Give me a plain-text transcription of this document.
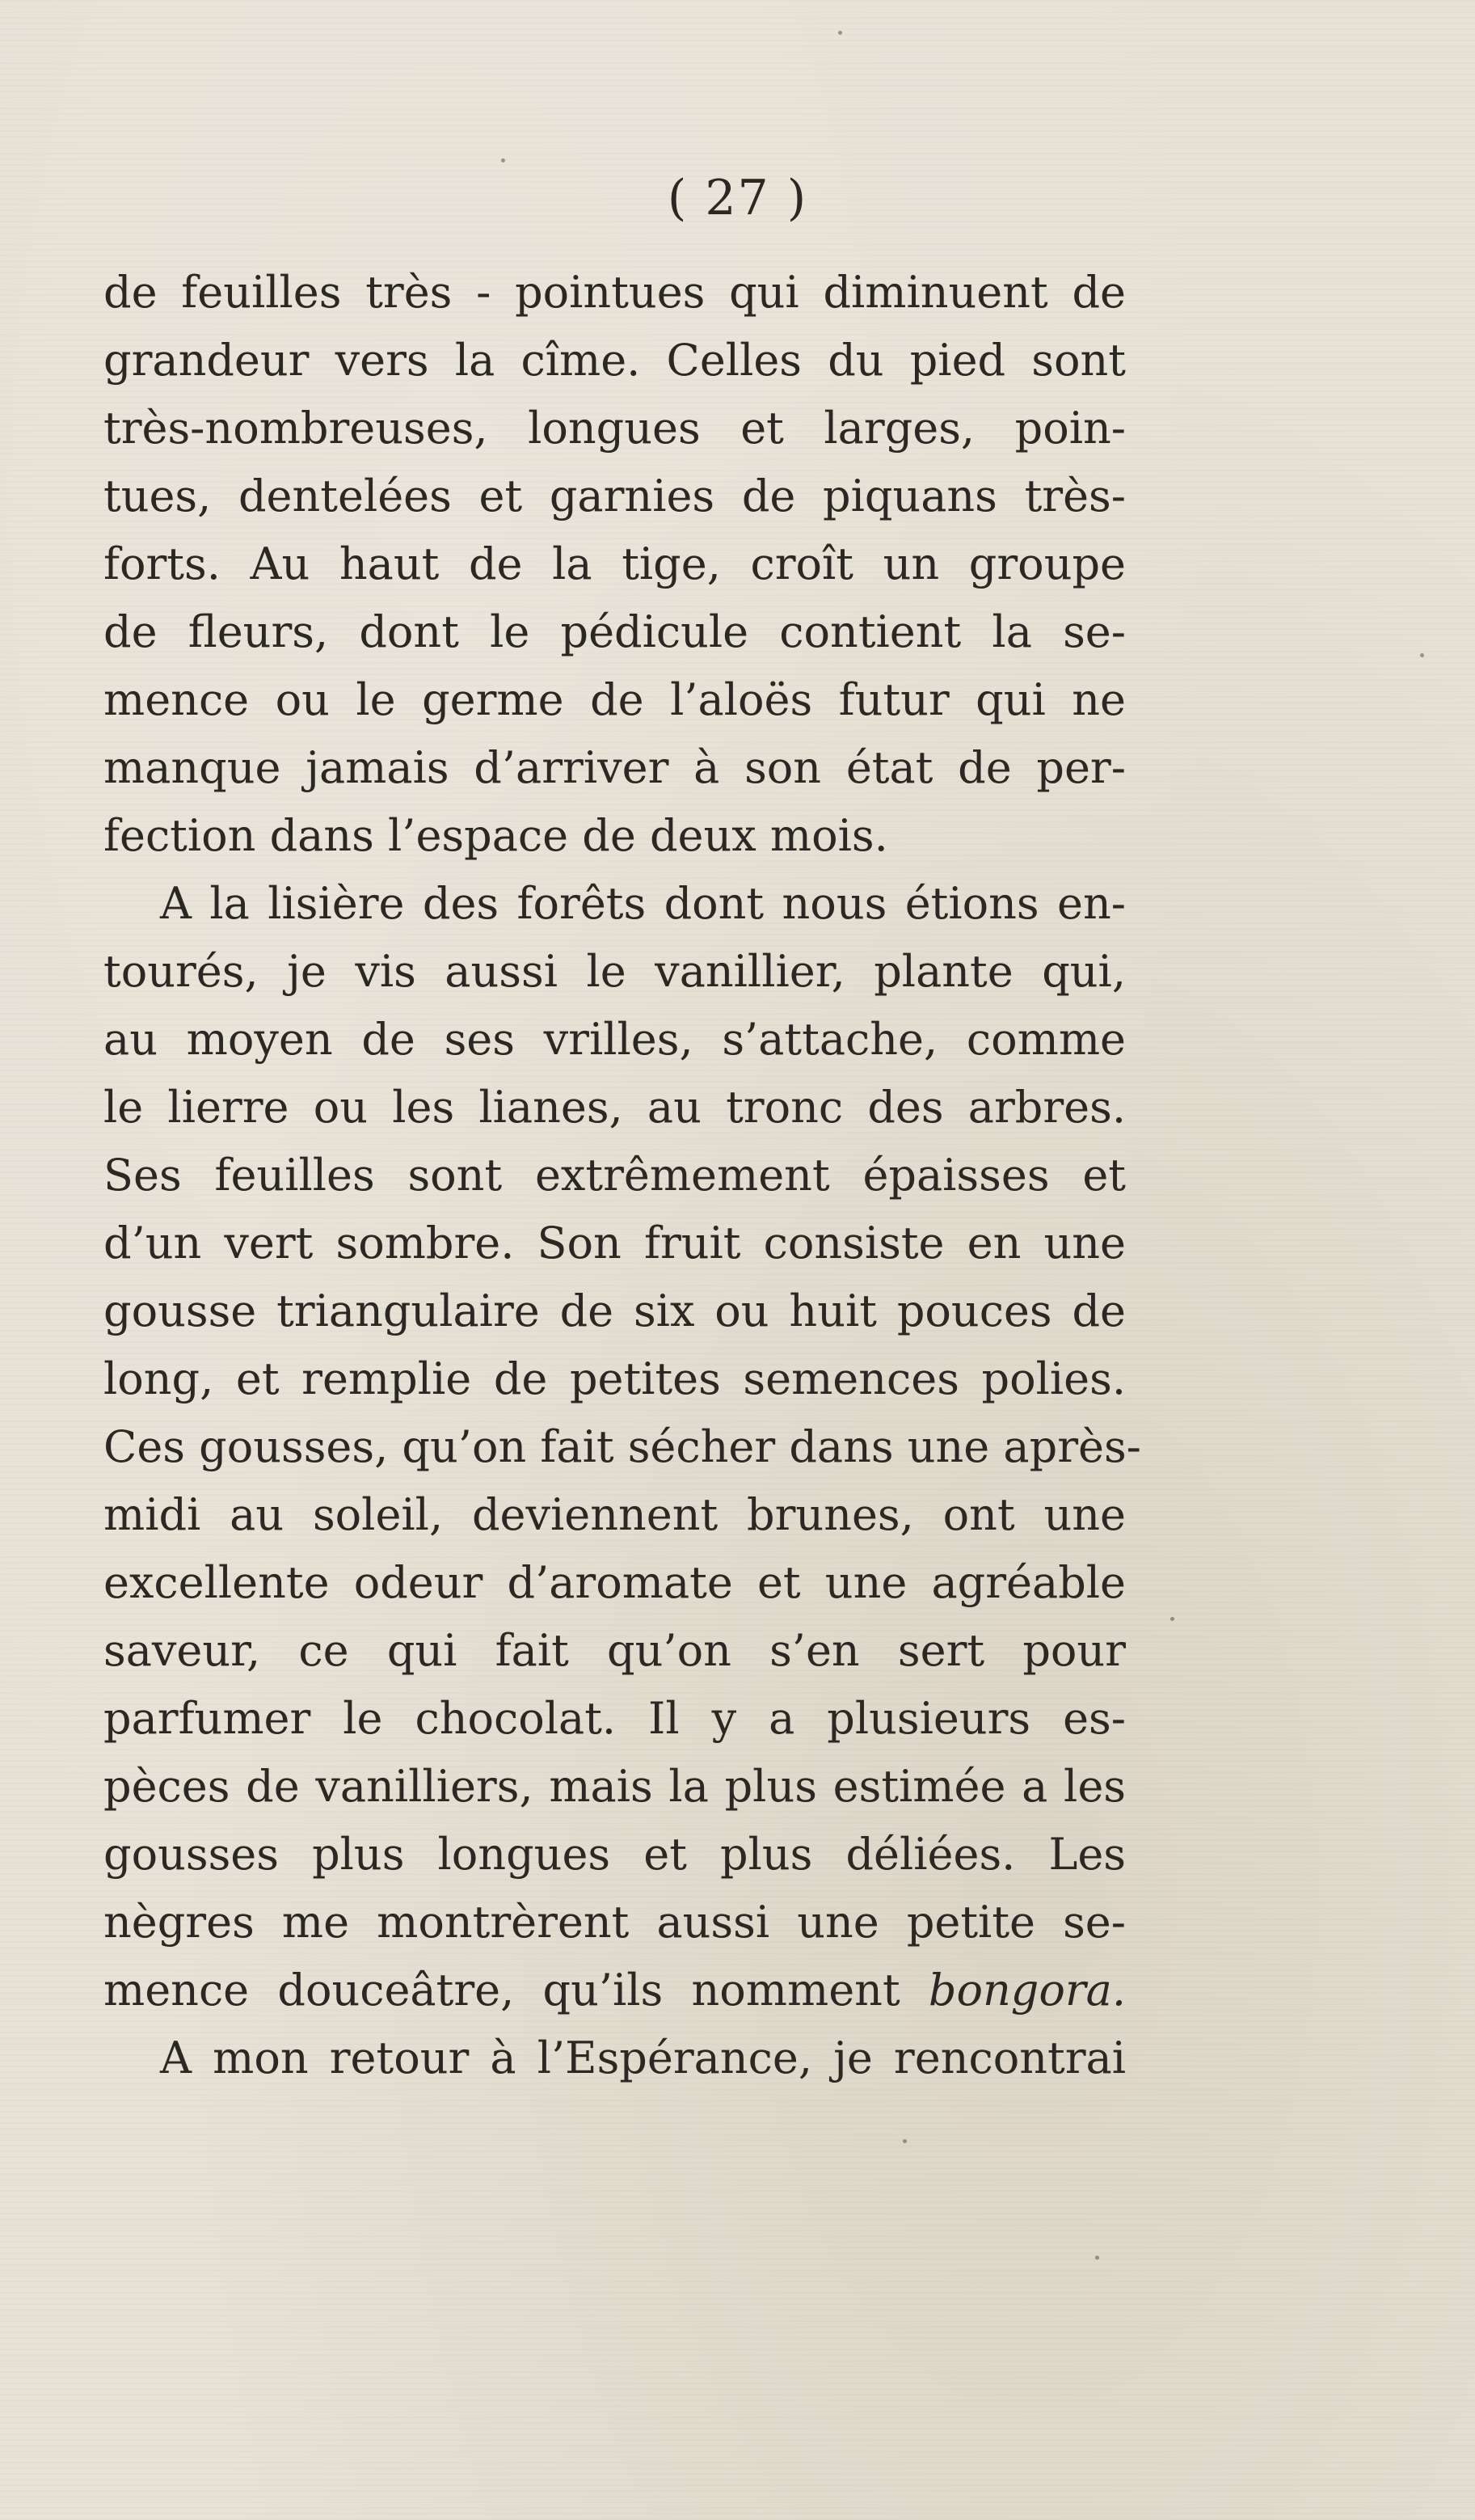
( 27 )
de feuilles très - pointues qui diminuent de
grandeur vers la cîme. Celles du pied sont
très-nombreuses, longues et larges, poin-
tues, dentelées et garnies de piquans très-
forts. Au haut de la tige, croît un groupe
de fleurs, dont le pédicule contient la se-
mence ou le germe de l’aloës futur qui ne
manque jamais d’arriver à son état de per-
fection dans l’espace de deux mois.
A la lisière des forêts dont nous étions en-
tourés, je vis aussi le vanillier, plante qui,
au moyen de ses vrilles, s’attache, comme
le lierre ou les lianes, au tronc des arbres.
Ses feuilles sont extrêmement épaisses et
d’un vert sombre. Son fruit consiste en une
gousse triangulaire de six ou huit pouces de
long, et remplie de petites semences polies.
Ces gousses, qu’on fait sécher dans une après-
midi au soleil, deviennent brunes, ont une
excellente odeur d’aromate et une agréable
saveur, ce qui fait qu’on s’en sert pour
parfumer le chocolat. Il y a plusieurs es-
pèces de vanilliers, mais la plus estimée a les
gousses plus longues et plus déliées. Les
nègres me montrèrent aussi une petite se-
mence douceâtre, qu’ils nomment bongora.
A mon retour à l’Espérance, je rencontrai
